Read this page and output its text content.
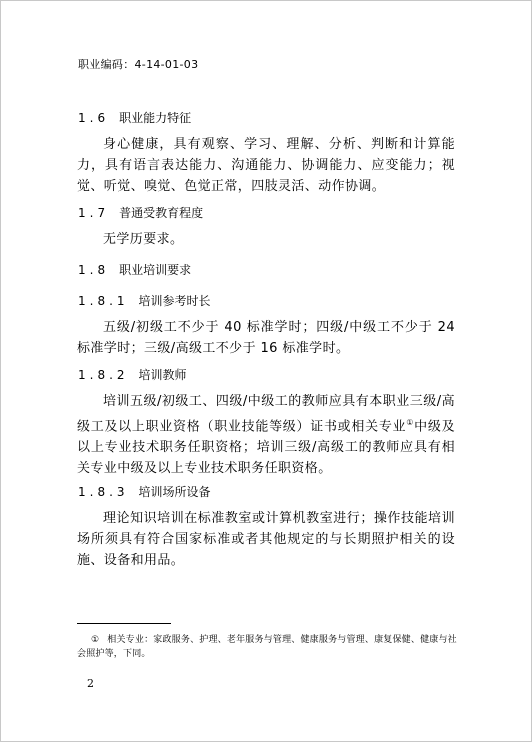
职业编码：4-14-01-03
1.6 职业能力特征
身心健康，具有观察、学习、理解、分析、判断和计算能力，具有语言表达能力、沟通能力、协调能力、应变能力；视觉、听觉、嗅觉、色觉正常，四肢灵活、动作协调。
1.7 普通受教育程度
无学历要求。
1.8 职业培训要求
1.8.1 培训参考时长
五级/初级工不少于 40 标准学时；四级/中级工不少于 24 标准学时；三级/高级工不少于 16 标准学时。
1.8.2 培训教师
培训五级/初级工、四级/中级工的教师应具有本职业三级/高级工及以上职业资格（职业技能等级）证书或相关专业①中级及以上专业技术职务任职资格；培训三级/高级工的教师应具有相关专业中级及以上专业技术职务任职资格。
1.8.3 培训场所设备
理论知识培训在标准教室或计算机教室进行；操作技能培训场所须具有符合国家标准或者其他规定的与长期照护相关的设施、设备和用品。
① 相关专业：家政服务、护理、老年服务与管理、健康服务与管理、康复保健、健康与社会照护等，下同。
2
